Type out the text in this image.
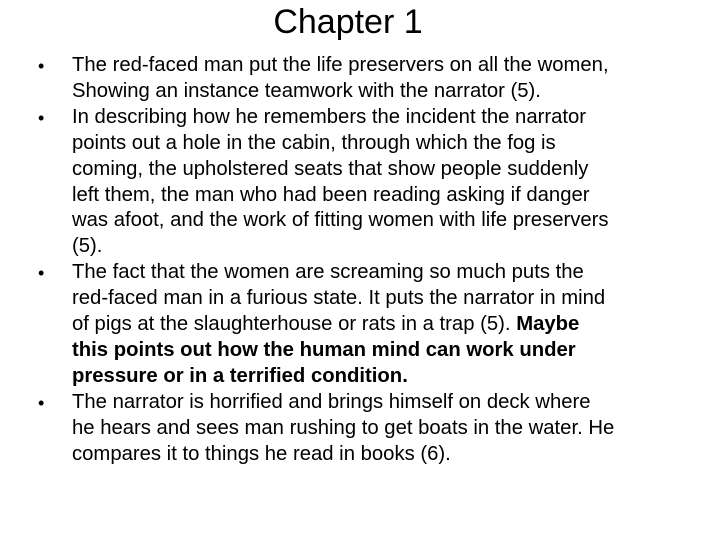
Chapter 1
•	The red-faced man put the life preservers on all the women,
Showing an instance teamwork with the narrator (5).
•	In describing how he remembers the incident the narrator
points out a hole in the cabin, through which the fog is
coming, the upholstered seats that show people suddenly
left them, the man who had been reading asking if danger
was afoot, and the work of fitting women with life preservers
(5).
•	The fact that the women are screaming so much puts the
red-faced man in a furious state. It puts the narrator in mind
of pigs at the slaughterhouse or rats in a trap (5). Maybe
this points out how the human mind can work under
pressure or in a terrified condition.
•	The narrator is horrified and brings himself on deck where
he hears and sees man rushing to get boats in the water. He
compares it to things he read in books (6).
